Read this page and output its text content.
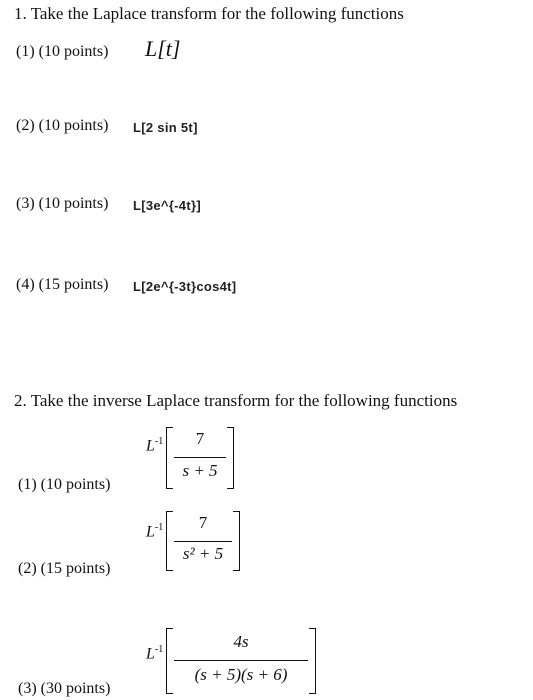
1. Take the Laplace transform for the following functions
(1) (10 points) L[t]
(2) (10 points) L[2 sin 5t]
(3) (10 points) L[3e^{-4t}]
(4) (15 points) L[2e^{-3t}cos4t]
2. Take the inverse Laplace transform for the following functions
(1) (10 points)
$L^{-1}$	7
s + 5
(2) (15 points)
$L^{-1}$	7
s² + 5
(3) (30 points)
$L^{-1}$	4s
(s + 5)(s + 6)
